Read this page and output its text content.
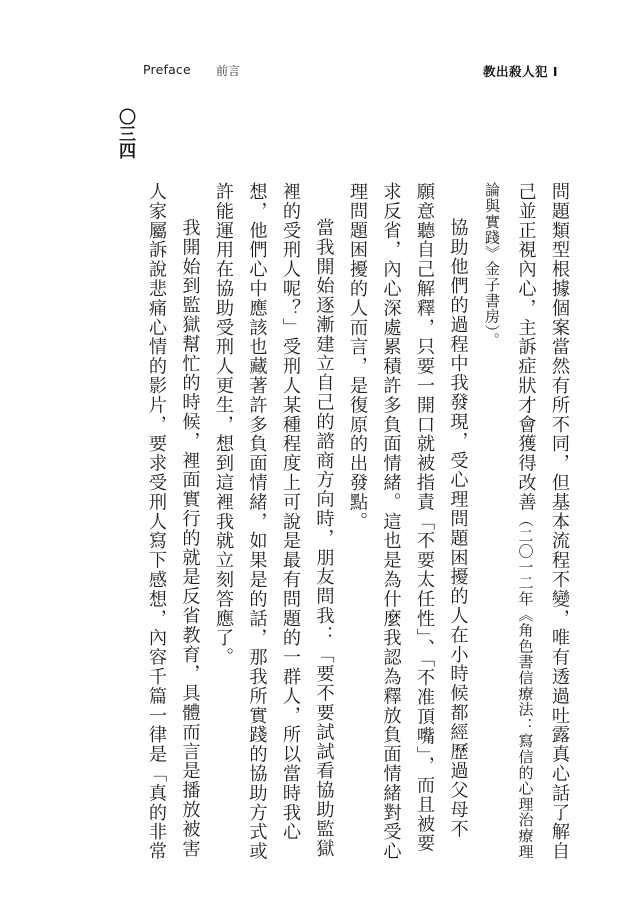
Preface 前言	教出殺人犯 I
〇三四
問題類型根據個案當然有所不同，但基本流程不變，唯有透過吐露真心話了解自
己並正視內心，主訴症狀才會獲得改善（二〇一二年《角色書信療法：寫信的心理治療理
論與實踐》金子書房）。
協助他們的過程中我發現，受心理問題困擾的人在小時候都經歷過父母不
願意聽自己解釋，只要一開口就被指責「不要太任性」、「不准頂嘴」，而且被要
求反省，內心深處累積許多負面情緒。這也是為什麼我認為釋放負面情緒對受心
理問題困擾的人而言，是復原的出發點。
當我開始逐漸建立自己的諮商方向時，朋友問我：「要不要試試看協助監獄
裡的受刑人呢？」受刑人某種程度上可說是最有問題的一群人，所以當時我心
想，他們心中應該也藏著許多負面情緒，如果是的話，那我所實踐的協助方式或
許能運用在協助受刑人更生，想到這裡我就立刻答應了。
我開始到監獄幫忙的時候，裡面實行的就是反省教育，具體而言是播放被害
人家屬訴說悲痛心情的影片，要求受刑人寫下感想，內容千篇一律是「真的非常
